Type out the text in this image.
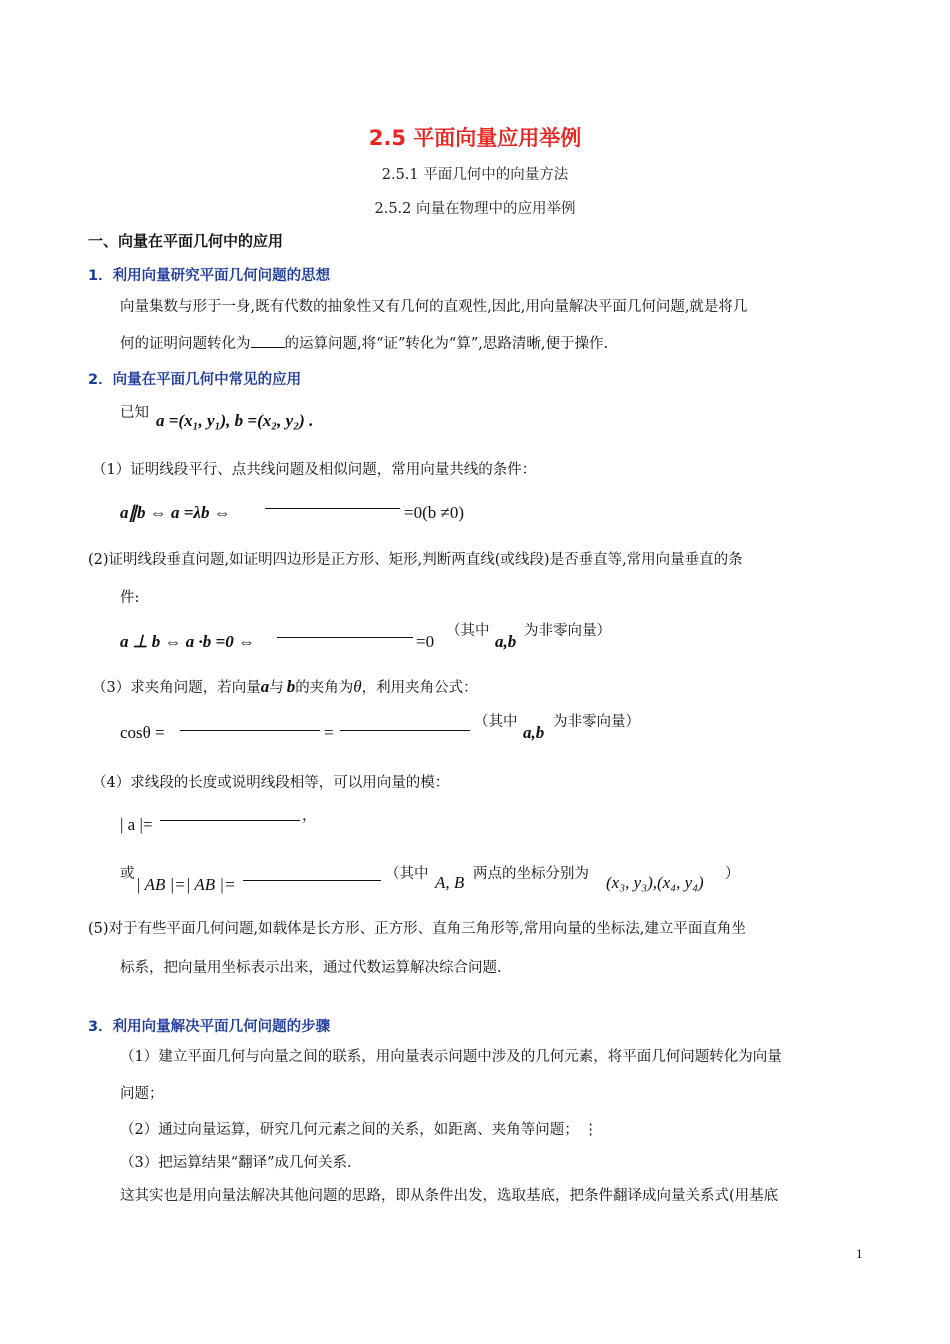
2.5 平面向量应用举例
2.5.1 平面几何中的向量方法
2.5.2 向量在物理中的应用举例
一、向量在平面几何中的应用
1．利用向量研究平面几何问题的思想
向量集数与形于一身,既有代数的抽象性又有几何的直观性,因此,用向量解决平面几何问题,就是将几
何的证明问题转化为 的运算问题,将“证”转化为“算”,思路清晰,便于操作.
2．向量在平面几何中常见的应用
已知 a =(x₁, y₁), b =(x₂, y₂) .
（1）证明线段平行、点共线问题及相似问题，常用向量共线的条件：
a∥b ⇔ a =λb ⇔	=0(b ≠0)
(2)证明线段垂直问题,如证明四边形是正方形、矩形,判断两直线(或线段)是否垂直等,常用向量垂直的条
件:
a ⊥ b ⇔ a ·b =0 ⇔	=0
（其中
a,b
为非零向量）
（3）求夹角问题，若向量a与 b的夹角为θ，利用夹角公式：
cosθ =	=
（其中
a,b
为非零向量）
（4）求线段的长度或说明线段相等，可以用向量的模：
| a |=	，
或
| AB |=| AB |=
（其中 A, B 两点的坐标分别为 (x₃, y₃),(x₄, y₄) ）
(5)对于有些平面几何问题,如载体是长方形、正方形、直角三角形等,常用向量的坐标法,建立平面直角坐
标系，把向量用坐标表示出来，通过代数运算解决综合问题.
3．利用向量解决平面几何问题的步骤
（1）建立平面几何与向量之间的联系，用向量表示问题中涉及的几何元素，将平面几何问题转化为向量
问题；
（2）通过向量运算，研究几何元素之间的关系，如距离、夹角等问题； ⋮
（3）把运算结果“翻译”成几何关系.
这其实也是用向量法解决其他问题的思路，即从条件出发，选取基底，把条件翻译成向量关系式(用基底
1
